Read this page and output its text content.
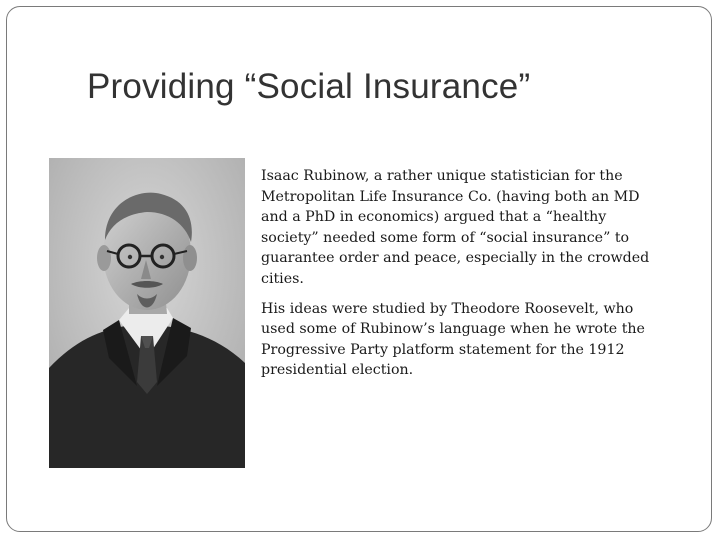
Providing “Social Insurance”

Isaac Rubinow, a rather unique statistician for the Metropolitan Life Insurance Co. (having both an MD and a PhD in economics) argued that a “healthy society” needed some form of “social insurance” to guarantee order and peace, especially in the crowded cities.

His ideas were studied by Theodore Roosevelt, who used some of Rubinow’s language when he wrote the Progressive Party platform statement for the 1912 presidential election.
